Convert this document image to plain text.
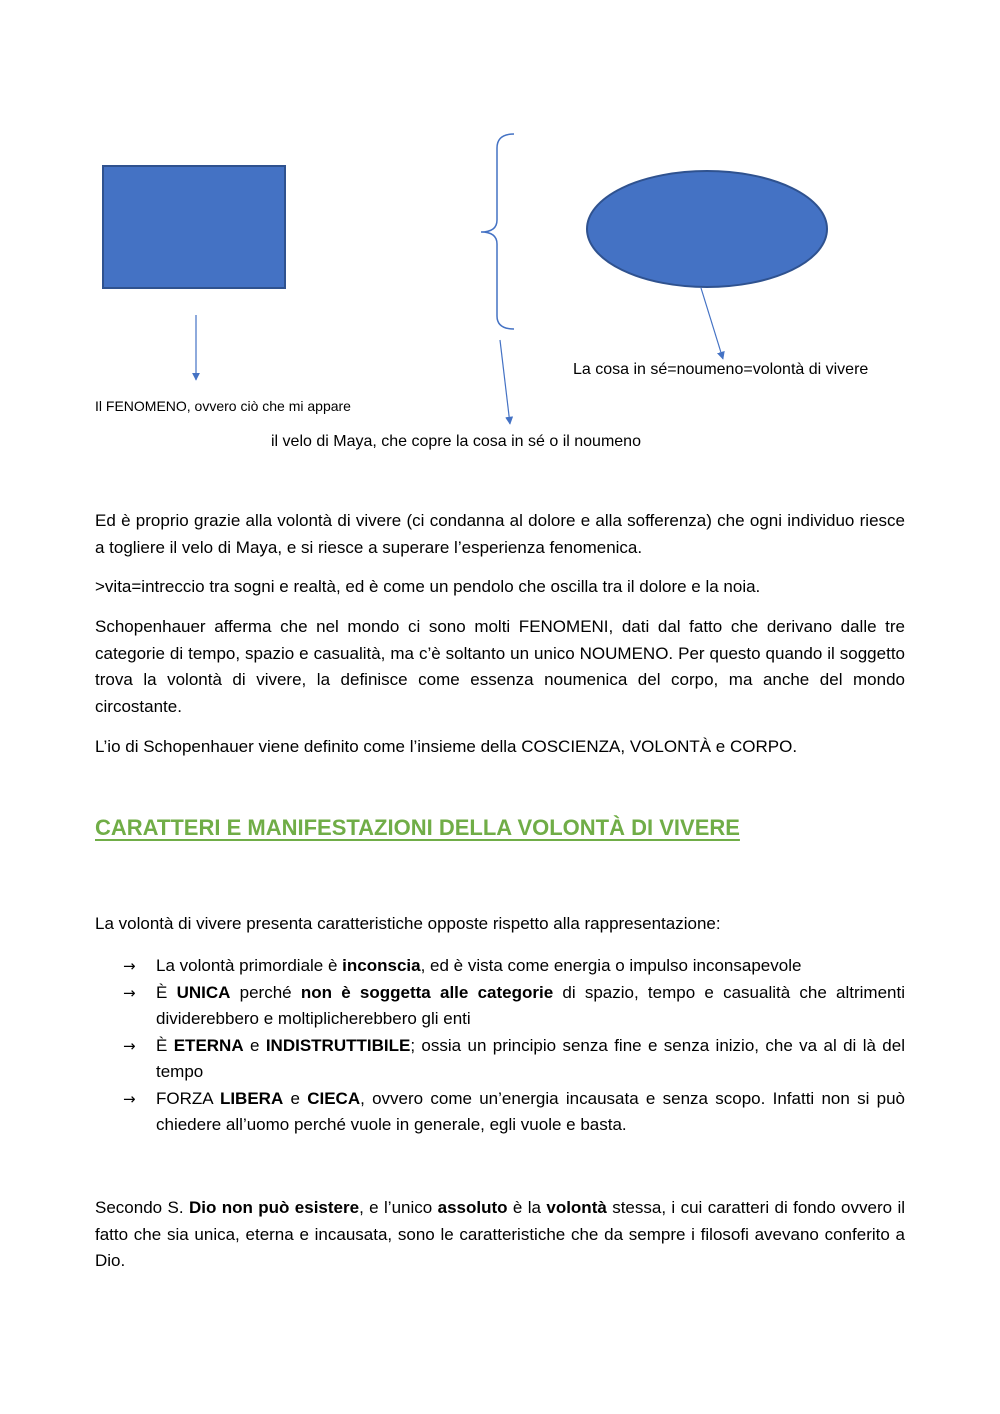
Il FENOMENO, ovvero ciò che mi appare
il velo di Maya, che copre la cosa in sé o il noumeno
La cosa in sé=noumeno=volontà di vivere

Ed è proprio grazie alla volontà di vivere (ci condanna al dolore e alla sofferenza) che ogni individuo riesce a togliere il velo di Maya, e si riesce a superare l’esperienza fenomenica.

>vita=intreccio tra sogni e realtà, ed è come un pendolo che oscilla tra il dolore e la noia.

Schopenhauer afferma che nel mondo ci sono molti FENOMENI, dati dal fatto che derivano dalle tre categorie di tempo, spazio e casualità, ma c’è soltanto un unico NOUMENO. Per questo quando il soggetto trova la volontà di vivere, la definisce come essenza noumenica del corpo, ma anche del mondo circostante.

L’io di Schopenhauer viene definito come l’insieme della COSCIENZA, VOLONTÀ e CORPO.

CARATTERI E MANIFESTAZIONI DELLA VOLONTÀ DI VIVERE

La volontà di vivere presenta caratteristiche opposte rispetto alla rappresentazione:

→ La volontà primordiale è inconscia, ed è vista come energia o impulso inconsapevole
→ È UNICA perché non è soggetta alle categorie di spazio, tempo e casualità che altrimenti dividerebbero e moltiplicherebbero gli enti
→ È ETERNA e INDISTRUTTIBILE; ossia un principio senza fine e senza inizio, che va al di là del tempo
→ FORZA LIBERA e CIECA, ovvero come un’energia incausata e senza scopo. Infatti non si può chiedere all’uomo perché vuole in generale, egli vuole e basta.

Secondo S. Dio non può esistere, e l’unico assoluto è la volontà stessa, i cui caratteri di fondo ovvero il fatto che sia unica, eterna e incausata, sono le caratteristiche che da sempre i filosofi avevano conferito a Dio.
